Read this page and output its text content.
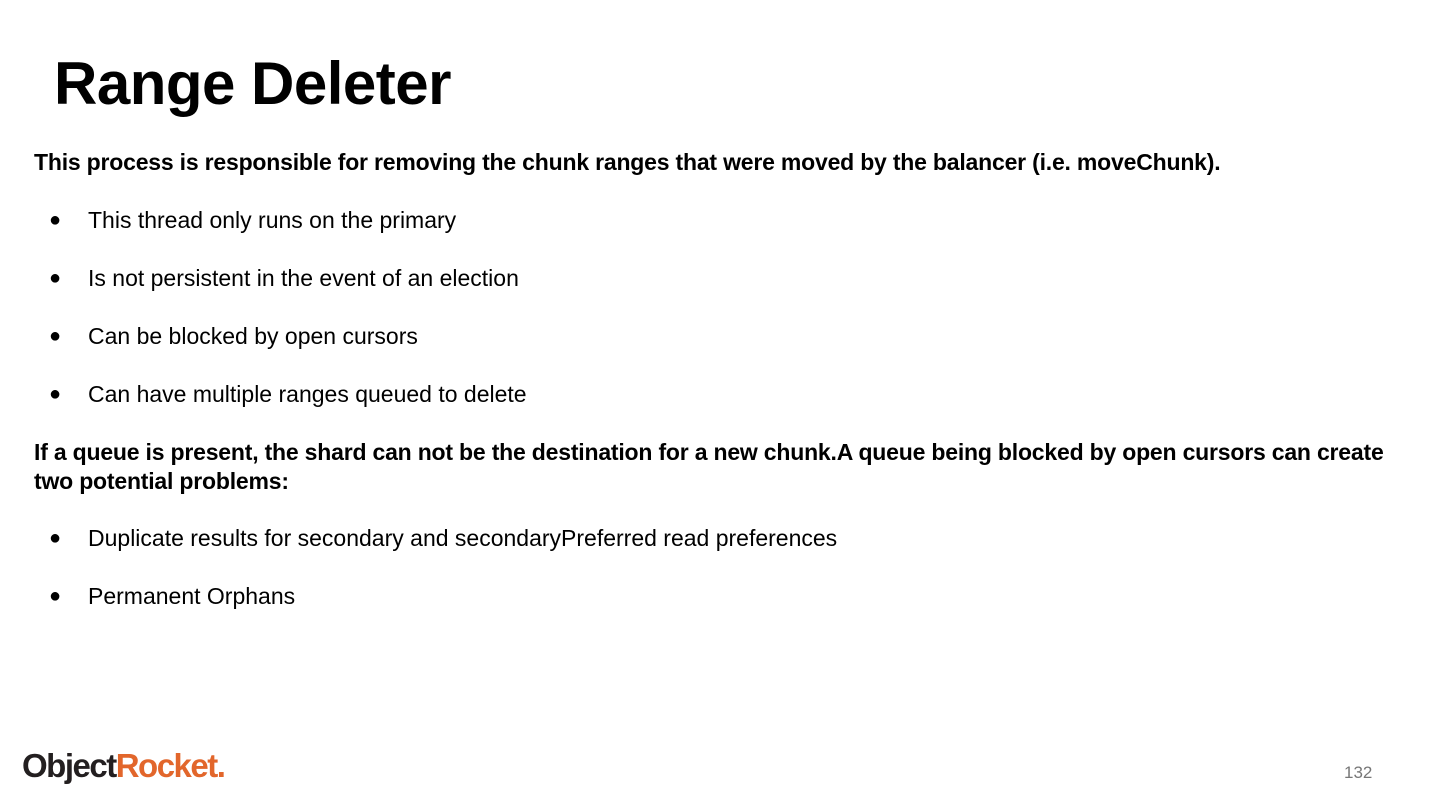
Range Deleter

This process is responsible for removing the chunk ranges that were moved by the balancer (i.e. moveChunk).

● This thread only runs on the primary
● Is not persistent in the event of an election
● Can be blocked by open cursors
● Can have multiple ranges queued to delete

If a queue is present, the shard can not be the destination for a new chunk.A queue being blocked by open cursors can create two potential problems:

● Duplicate results for secondary and secondaryPreferred read preferences
● Permanent Orphans
ObjectRocket.	132
